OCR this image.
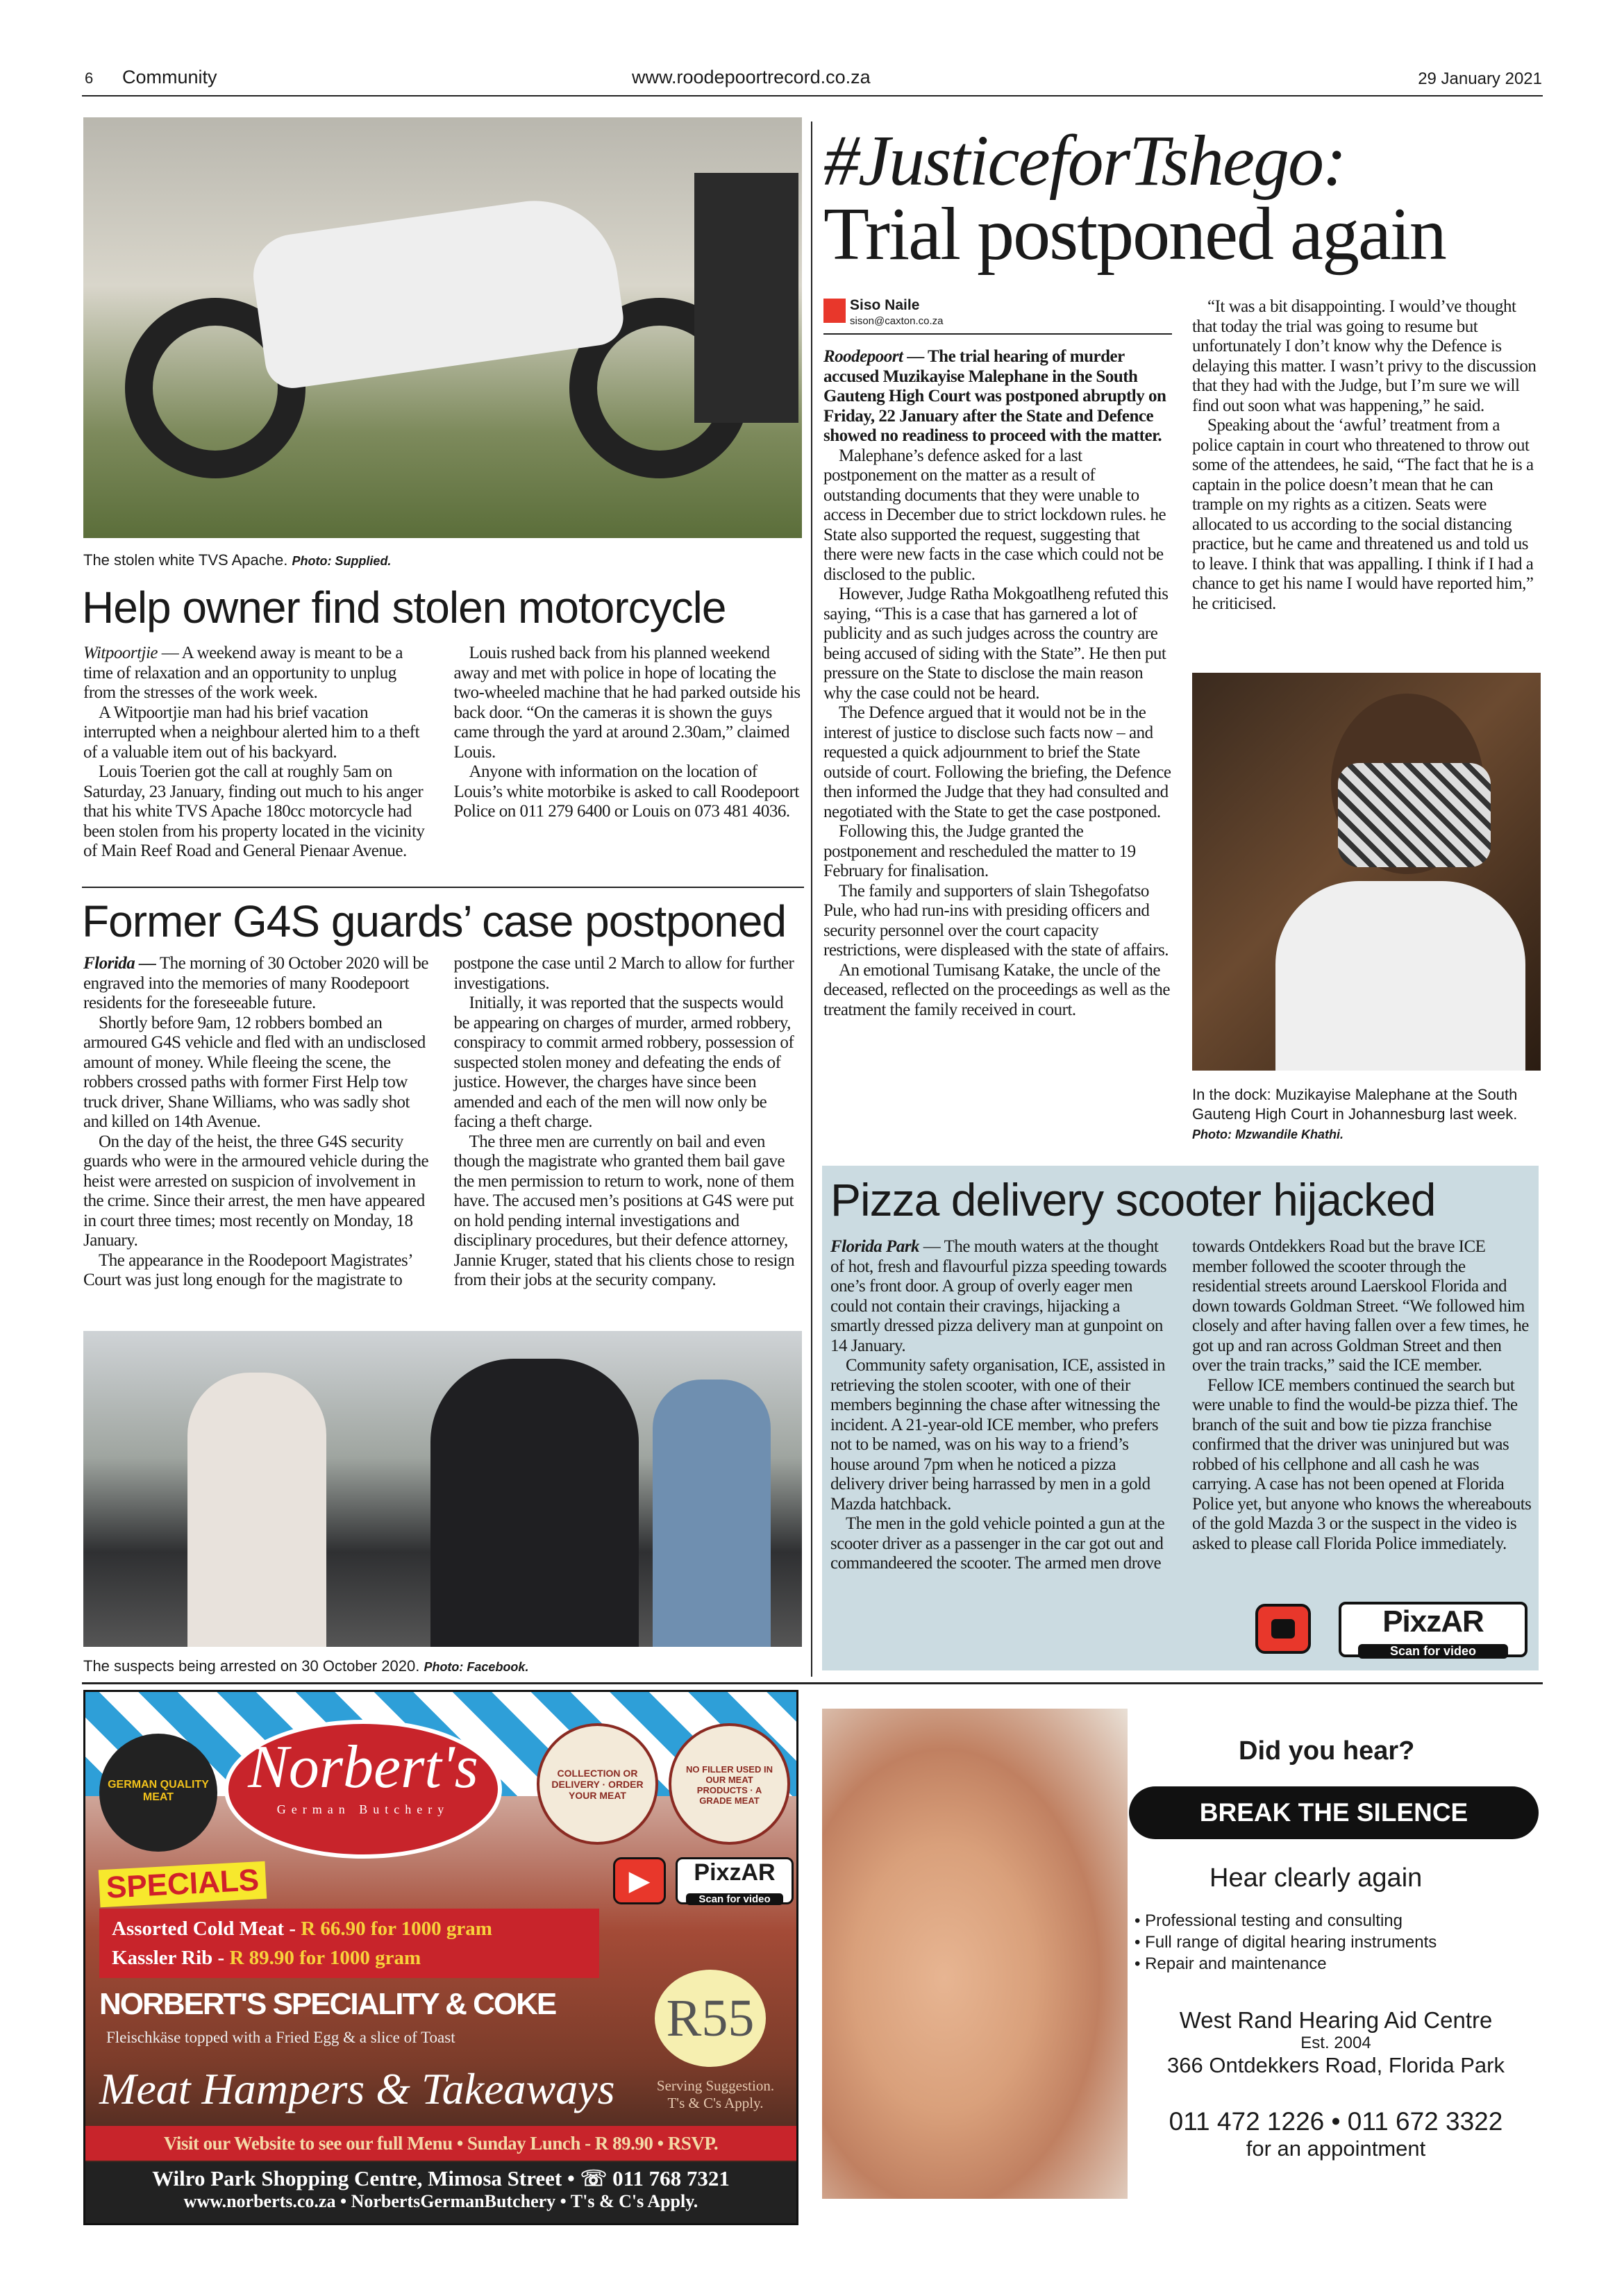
6 Community	www.roodepoortrecord.co.za	29 January 2021
The stolen white TVS Apache. Photo: Supplied.
Help owner find stolen motorcycle

Witpoortjie — A weekend away is meant to be a time of relaxation and an opportunity to unplug from the stresses of the work week.

A Witpoortjie man had his brief vacation interrupted when a neighbour alerted him to a theft of a valuable item out of his backyard.

Louis Toerien got the call at roughly 5am on Saturday, 23 January, finding out much to his anger that his white TVS Apache 180cc motorcycle had been stolen from his property located in the vicinity of Main Reef Road and General Pienaar Avenue.

Louis rushed back from his planned weekend away and met with police in hope of locating the two-wheeled machine that he had parked outside his back door. “On the cameras it is shown the guys came through the yard at around 2.30am,” claimed Louis.

Anyone with information on the location of Louis’s white motorbike is asked to call Roodepoort Police on 011 279 6400 or Louis on 073 481 4036.

Former G4S guards’ case postponed

Florida — The morning of 30 October 2020 will be engraved into the memories of many Roodepoort residents for the foreseeable future.

Shortly before 9am, 12 robbers bombed an armoured G4S vehicle and fled with an undisclosed amount of money. While fleeing the scene, the robbers crossed paths with former First Help tow truck driver, Shane Williams, who was sadly shot and killed on 14th Avenue.

On the day of the heist, the three G4S security guards who were in the armoured vehicle during the heist were arrested on suspicion of involvement in the crime. Since their arrest, the men have appeared in court three times; most recently on Monday, 18 January.

The appearance in the Roodepoort Magistrates’ Court was just long enough for the magistrate to postpone the case until 2 March to allow for further investigations.

Initially, it was reported that the suspects would be appearing on charges of murder, armed robbery, conspiracy to commit armed robbery, possession of suspected stolen money and defeating the ends of justice. However, the charges have since been amended and each of the men will now only be facing a theft charge.

The three men are currently on bail and even though the magistrate who granted them bail gave the men permission to return to work, none of them have. The accused men’s positions at G4S were put on hold pending internal investigations and disciplinary procedures, but their defence attorney, Jannie Kruger, stated that his clients chose to resign from their jobs at the security company.

The suspects being arrested on 30 October 2020. Photo: Facebook.
#JusticeforTshego:
Trial postponed again
Siso Naile
sison@caxton.co.za

Roodepoort — The trial hearing of murder accused Muzikayise Malephane in the South Gauteng High Court was postponed abruptly on Friday, 22 January after the State and Defence showed no readiness to proceed with the matter.

Malephane’s defence asked for a last postponement on the matter as a result of outstanding documents that they were unable to access in December due to strict lockdown rules. he State also supported the request, suggesting that there were new facts in the case which could not be disclosed to the public.

However, Judge Ratha Mokgoatlheng refuted this saying, “This is a case that has garnered a lot of publicity and as such judges across the country are being accused of siding with the State”. He then put pressure on the State to disclose the main reason why the case could not be heard.

The Defence argued that it would not be in the interest of justice to disclose such facts now – and requested a quick adjournment to brief the State outside of court. Following the briefing, the Defence then informed the Judge that they had consulted and negotiated with the State to get the case postponed.

Following this, the Judge granted the postponement and rescheduled the matter to 19 February for finalisation.

The family and supporters of slain Tshegofatso Pule, who had run-ins with presiding officers and security personnel over the court capacity restrictions, were displeased with the state of affairs.

An emotional Tumisang Katake, the uncle of the deceased, reflected on the proceedings as well as the treatment the family received in court.

“It was a bit disappointing. I would’ve thought that today the trial was going to resume but unfortunately I don’t know why the Defence is delaying this matter. I wasn’t privy to the discussion that they had with the Judge, but I’m sure we will find out soon what was happening,” he said.

Speaking about the ‘awful’ treatment from a police captain in court who threatened to throw out some of the attendees, he said, “The fact that he is a captain in the police doesn’t mean that he can trample on my rights as a citizen. Seats were allocated to us according to the social distancing practice, but he came and threatened us and told us to leave. I think that was appalling. I think if I had a chance to get his name I would have reported him,” he criticised.

In the dock: Muzikayise Malephane at the South Gauteng High Court in Johannesburg last week. Photo: Mzwandile Khathi.
Pizza delivery scooter hijacked

Florida Park — The mouth waters at the thought of hot, fresh and flavourful pizza speeding towards one’s front door. A group of overly eager men could not contain their cravings, hijacking a smartly dressed pizza delivery man at gunpoint on 14 January.

Community safety organisation, ICE, assisted in retrieving the stolen scooter, with one of their members beginning the chase after witnessing the incident. A 21-year-old ICE member, who prefers not to be named, was on his way to a friend’s house around 7pm when he noticed a pizza delivery driver being harrassed by men in a gold Mazda hatchback.

The men in the gold vehicle pointed a gun at the scooter driver as a passenger in the car got out and commandeered the scooter. The armed men drove towards Ontdekkers Road but the brave ICE member followed the scooter through the residential streets around Laerskool Florida and down towards Goldman Street. “We followed him closely and after having fallen over a few times, he got up and ran across Goldman Street and then over the train tracks,” said the ICE member.

Fellow ICE members continued the search but were unable to find the would-be pizza thief. The branch of the suit and bow tie pizza franchise confirmed that the driver was uninjured but was robbed of his cellphone and all cash he was carrying. A case has not been opened at Florida Police yet, but anyone who knows the whereabouts of the gold Mazda 3 or the suspect in the video is asked to please call Florida Police immediately.

PixzAR
Scan for video
GERMAN QUALITY MEAT	Norbert's
German Butchery
COLLECTION OR DELIVERY · ORDER YOUR MEAT
NO FILLER USED IN OUR MEAT PRODUCTS · A GRADE MEAT
▶	PixzAR
Scan for video
SPECIALS
Assorted Cold Meat - R 66.90 for 1000 gram
Kassler Rib - R 89.90 for 1000 gram
NORBERT'S SPECIALITY & COKE R55
Fleischkäse topped with a Fried Egg & a slice of Toast
Meat Hampers & Takeaways	Serving Suggestion.
T's & C's Apply.
Visit our Website to see our full Menu • Sunday Lunch - R 89.90 • RSVP.
Wilro Park Shopping Centre, Mimosa Street • ☏ 011 768 7321
www.norberts.co.za • NorbertsGermanButchery • T's & C's Apply.
Did you hear?
BREAK THE SILENCE
Hear clearly again
• Professional testing and consulting
• Full range of digital hearing instruments
• Repair and maintenance
West Rand Hearing Aid Centre
Est. 2004
366 Ontdekkers Road, Florida Park
011 472 1226 • 011 672 3322
for an appointment
